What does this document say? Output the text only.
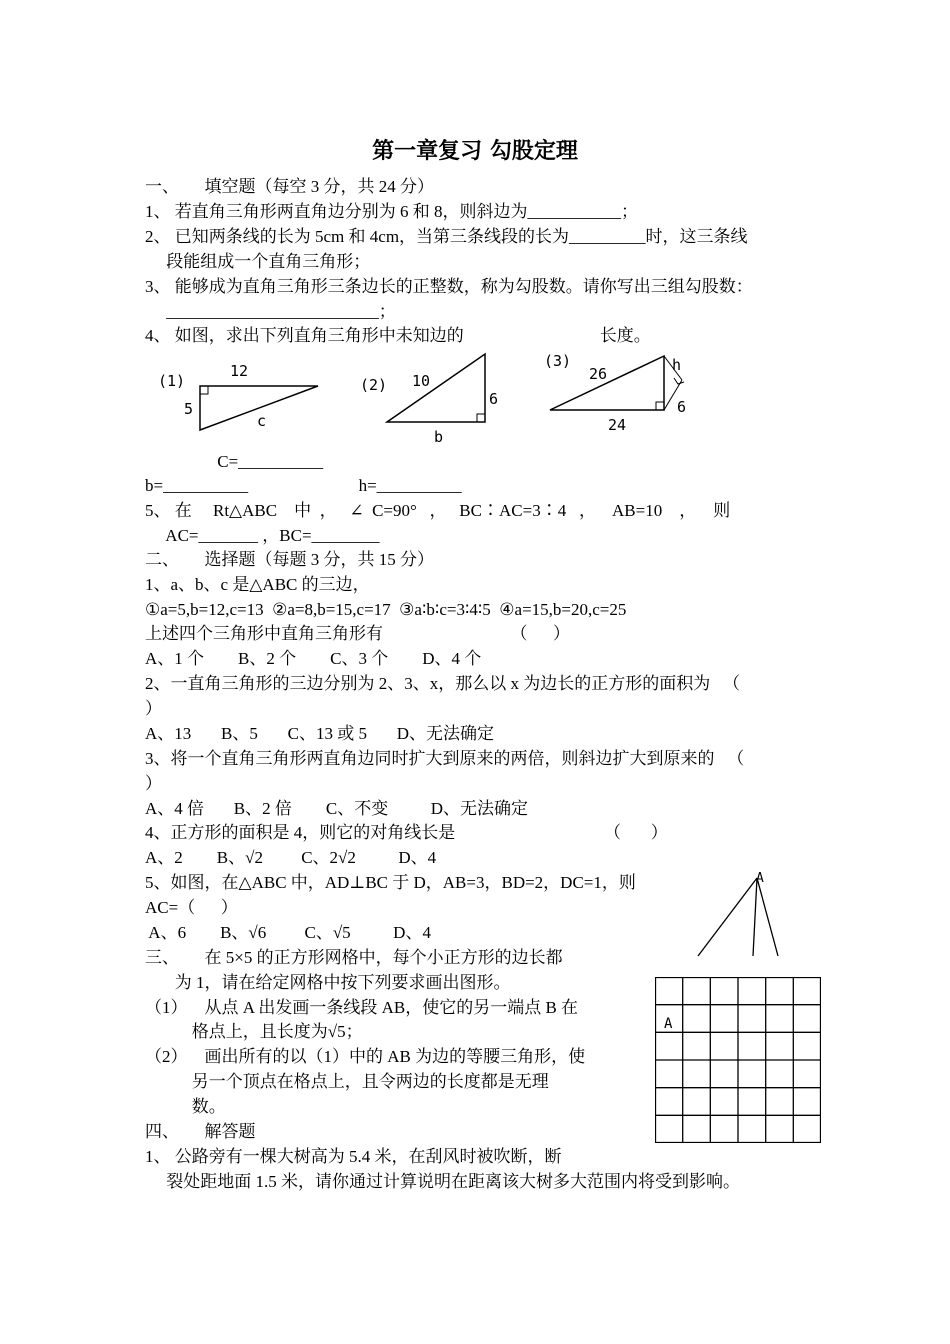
第一章复习 勾股定理
一、      填空题（每空 3 分，共 24 分）
1、 若直角三角形两直角边分别为 6 和 8，则斜边为___________；
2、 已知两条线的长为 5cm 和 4cm，当第三条线段的长为_________时，这三条线
段能组成一个直角三角形；
3、 能够成为直角三角形三条边长的正整数，称为勾股数。请你写出三组勾股数：
_________________________；
4、 如图，求出下列直角三角形中未知边的                                长度。
(1)
12
5
c
(2) 10
6
b
(3)
26	h
6
24
C=__________
b=__________                          h=__________
5、 在     Rt△ABC    中  ，   ∠  C=90°   ，   BC∶AC=3∶4   ，    AB=10    ，    则
AC=_______ ，BC=________
二、      选择题（每题 3 分，共 15 分）
1、a、b、c 是△ABC 的三边，
①a=5,b=12,c=13  ②a=8,b=15,c=17  ③a∶b∶c=3∶4∶5  ④a=15,b=20,c=25
上述四个三角形中直角三角形有                              （      ）
A、1 个        B、2 个        C、3 个        D、4 个
2、一直角三角形的三边分别为 2、3、x，那么以 x 为边长的正方形的面积为   （
）
A、13       B、5       C、13 或 5       D、无法确定
3、将一个直角三角形两直角边同时扩大到原来的两倍，则斜边扩大到原来的   （
）
A、4 倍       B、2 倍        C、不变          D、无法确定
4、正方形的面积是 4，则它的对角线长是                                   （       ）
A、2        B、√2         C、2√2          D、4
5、如图，在△ABC 中，AD⊥BC 于 D，AB=3，BD=2，DC=1，则
AC=（      ）
A、6        B、√6         C、√5          D、4
A
三、      在 5×5 的正方形网格中，每个小正方形的边长都
为 1，请在给定网格中按下列要求画出图形。
（1）    从点 A 出发画一条线段 AB，使它的另一端点 B 在
格点上，且长度为√5；
（2）    画出所有的以（1）中的 AB 为边的等腰三角形，使
另一个顶点在格点上，且令两边的长度都是无理
数。
四、      解答题
1、 公路旁有一棵大树高为 5.4 米，在刮风时被吹断，断
裂处距地面 1.5 米，请你通过计算说明在距离该大树多大范围内将受到影响。
A
